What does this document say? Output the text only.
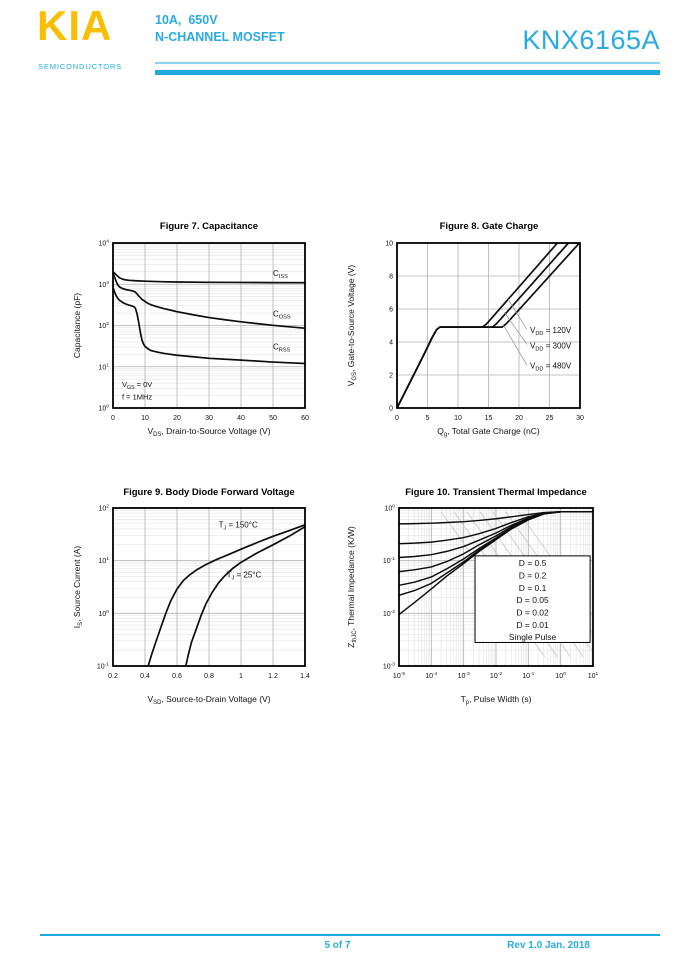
KIA
SEMICONDUCTORS
10A,  650V
N-CHANNEL MOSFET	KNX6165A
Figure 7. Capacitance
$C_{ISS}$
$C_{OSS}$
$C_{RSS}$
$V_{GS} = 0V$
f = 1MHz
0	10	20	30	40	50	60
$10^4$
$10^3$
$10^2$
$10^1$
$10^0$
$V_{DS}$, Drain-to-Source Voltage (V)
Capacitance (pF)
Figure 8. Gate Charge
$V_{DD} = 120V$
$V_{DD} = 300V$
$V_{DD} = 480V$
0	5	10	15	20	25	30
0
2
4
6
8
10
$Q_g$, Total Gate Charge (nC)
$V_{GS}$, Gate-to-Source Voltage (V)
Figure 9. Body Diode Forward Voltage
$T_J = 150^\circ C$
$T_J = 25^\circ C$
0.2	0.4	0.6	0.8	1	1.2	1.4
$10^2$
$10^1$
$10^0$
$10^{-1}$
$V_{SD}$, Source-to-Drain Voltage (V)
$I_S$, Source Current (A)
Figure 10. Transient Thermal Impedance
D = 0.5
D = 0.2
D = 0.1
D = 0.05
D = 0.02
D = 0.01
Single Pulse
$10^{-5}$	$10^{-4}$	$10^{-3}$	$10^{-2}$	$10^{-1}$	$10^0$	$10^1$
$10^0$
$10^{-1}$
$10^{-2}$
$10^{-3}$
$T_p$, Pulse Width (s)
$Z_{thJC}$, Thermal Impedance (K/W)
5 of 7	Rev 1.0 Jan. 2018
